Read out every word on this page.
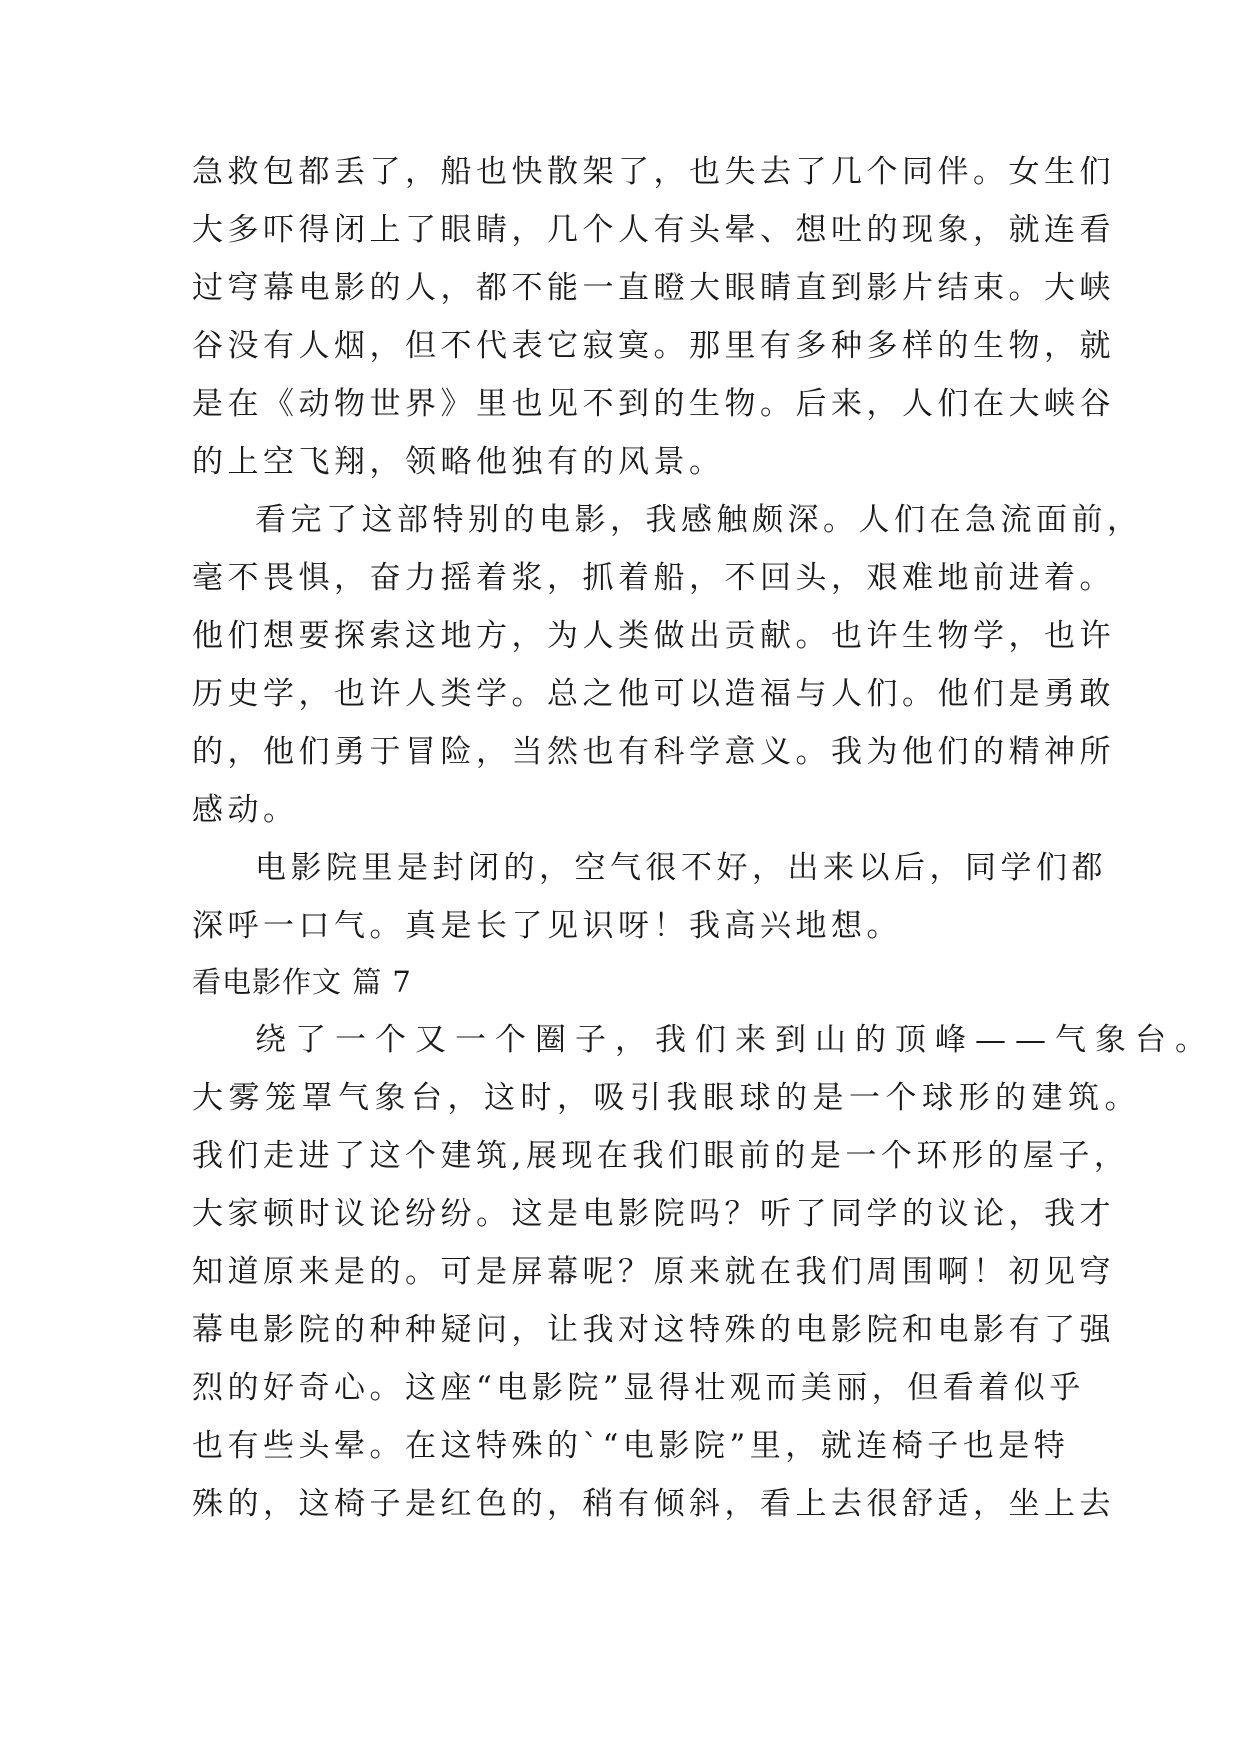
急救包都丢了，船也快散架了，也失去了几个同伴。女生们
大多吓得闭上了眼睛，几个人有头晕、想吐的现象，就连看
过穹幕电影的人，都不能一直瞪大眼睛直到影片结束。大峡
谷没有人烟，但不代表它寂寞。那里有多种多样的生物，就
是在《动物世界》里也见不到的生物。后来，人们在大峡谷
的上空飞翔，领略他独有的风景。
看完了这部特别的电影，我感触颇深。人们在急流面前，
毫不畏惧，奋力摇着浆，抓着船，不回头，艰难地前进着。
他们想要探索这地方，为人类做出贡献。也许生物学，也许
历史学，也许人类学。总之他可以造福与人们。他们是勇敢
的，他们勇于冒险，当然也有科学意义。我为他们的精神所
感动。
电影院里是封闭的，空气很不好，出来以后，同学们都
深呼一口气。真是长了见识呀！我高兴地想。
看电影作文 篇 7
绕了一个又一个圈子，我们来到山的顶峰——气象台。
大雾笼罩气象台，这时，吸引我眼球的是一个球形的建筑。
我们走进了这个建筑,展现在我们眼前的是一个环形的屋子，
大家顿时议论纷纷。这是电影院吗？听了同学的议论，我才
知道原来是的。可是屏幕呢？原来就在我们周围啊！初见穹
幕电影院的种种疑问，让我对这特殊的电影院和电影有了强
烈的好奇心。这座“电影院”显得壮观而美丽，但看着似乎
也有些头晕。在这特殊的`“电影院”里，就连椅子也是特
殊的，这椅子是红色的，稍有倾斜，看上去很舒适，坐上去
